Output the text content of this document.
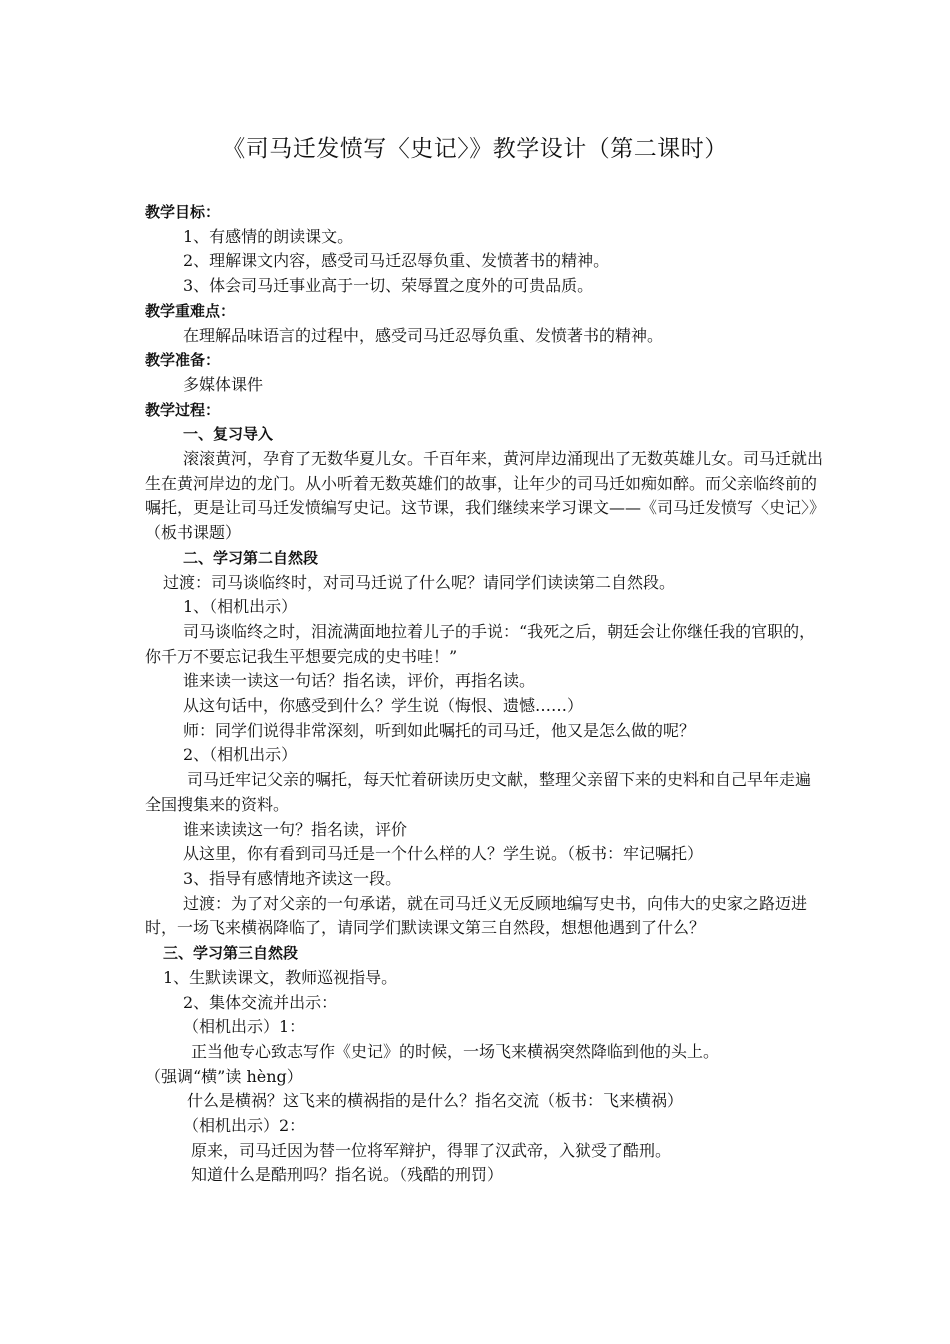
《司马迁发愤写〈史记〉》教学设计（第二课时）
教学目标：
1、有感情的朗读课文。
2、理解课文内容，感受司马迁忍辱负重、发愤著书的精神。
3、体会司马迁事业高于一切、荣辱置之度外的可贵品质。
教学重难点：
在理解品味语言的过程中，感受司马迁忍辱负重、发愤著书的精神。
教学准备：
多媒体课件
教学过程：
一、复习导入
滚滚黄河，孕育了无数华夏儿女。千百年来，黄河岸边涌现出了无数英雄儿女。司马迁就出生在黄河岸边的龙门。从小听着无数英雄们的故事，让年少的司马迁如痴如醉。而父亲临终前的嘱托，更是让司马迁发愤编写史记。这节课，我们继续来学习课文——《司马迁发愤写〈史记〉》（板书课题）
二、学习第二自然段
过渡：司马谈临终时，对司马迁说了什么呢？请同学们读读第二自然段。
1、（相机出示）
司马谈临终之时，泪流满面地拉着儿子的手说：“我死之后，朝廷会让你继任我的官职的，你千万不要忘记我生平想要完成的史书哇！”
谁来读一读这一句话？指名读，评价，再指名读。
从这句话中，你感受到什么？学生说（悔恨、遗憾……）
师：同学们说得非常深刻，听到如此嘱托的司马迁，他又是怎么做的呢？
2、（相机出示）
司马迁牢记父亲的嘱托，每天忙着研读历史文献，整理父亲留下来的史料和自己早年走遍全国搜集来的资料。
谁来读读这一句？指名读，评价
从这里，你有看到司马迁是一个什么样的人？学生说。（板书：牢记嘱托）
3、指导有感情地齐读这一段。
过渡：为了对父亲的一句承诺，就在司马迁义无反顾地编写史书，向伟大的史家之路迈进时，一场飞来横祸降临了，请同学们默读课文第三自然段，想想他遇到了什么？
三、学习第三自然段
1、生默读课文，教师巡视指导。
2、集体交流并出示：
（相机出示）1：
正当他专心致志写作《史记》的时候，一场飞来横祸突然降临到他的头上。
（强调“横”读 hèng）
什么是横祸？这飞来的横祸指的是什么？指名交流（板书：飞来横祸）
（相机出示）2：
原来，司马迁因为替一位将军辩护，得罪了汉武帝，入狱受了酷刑。
知道什么是酷刑吗？指名说。（残酷的刑罚）
